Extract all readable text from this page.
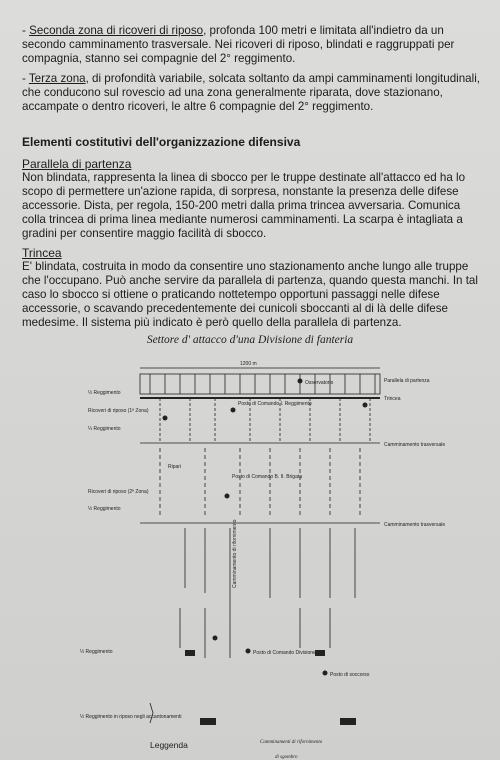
- Seconda zona di ricoveri di riposo, profonda 100 metri e limitata all'indietro da un secondo camminamento trasversale. Nei ricoveri di riposo, blindati e raggruppati per compagnia, stanno sei compagnie del 2° reggimento.
- Terza zona, di profondità variabile, solcata soltanto da ampi camminamenti longitudinali, che conducono sul rovescio ad una zona generalmente riparata, dove stazionano, accampate o dentro ricoveri, le altre 6 compagnie del 2° reggimento.
Elementi costitutivi dell'organizzazione difensiva
Parallela di partenza
Non blindata, rappresenta la linea di sbocco per le truppe destinate all'attacco ed ha lo scopo di permettere un'azione rapida, di sorpresa, nonstante la presenza delle difese accessorie. Dista, per regola, 150-200 metri dalla prima trincea avversaria. Comunica colla trincea di prima linea mediante numerosi camminamenti. La scarpa è intagliata a gradini per consentire maggio facilità di sbocco.
Trincea
E' blindata, costruita in modo da consentire uno stazionamento anche lungo alle truppe che l'occupano. Può anche servire da parallela di partenza, quando questa manchi. In tal caso lo sbocco si ottiene o praticando nottetempo opportuni passaggi nelle difese accessorie, o scavando precedentemente dei cunicoli sboccanti al di là delle difese medesime. Il sistema più indicato è però quello della parallela di partenza.
Settore d' attacco d'una Divisione di fanteria
1200 m
Parallela di partenza
Trincea
½ Reggimento
Ricoveri di riposo (1ª Zona)
¼ Reggimento
Osservatorio
Posto di Comando I. Reggimento
Camminamento trasversale
Ripari
Ricoveri di riposo (2ª Zona)
½ Reggimento
Posto di Comando B. II. Brigata
Camminamento trasversale
Camminamento di rifornimento
½ Reggimento
Posto di soccorso
Posto di Comando Divisione
½ Reggimento in riposo negli accantonamenti
Camminamenti di rifornimento
di sgombro
Leggenda
